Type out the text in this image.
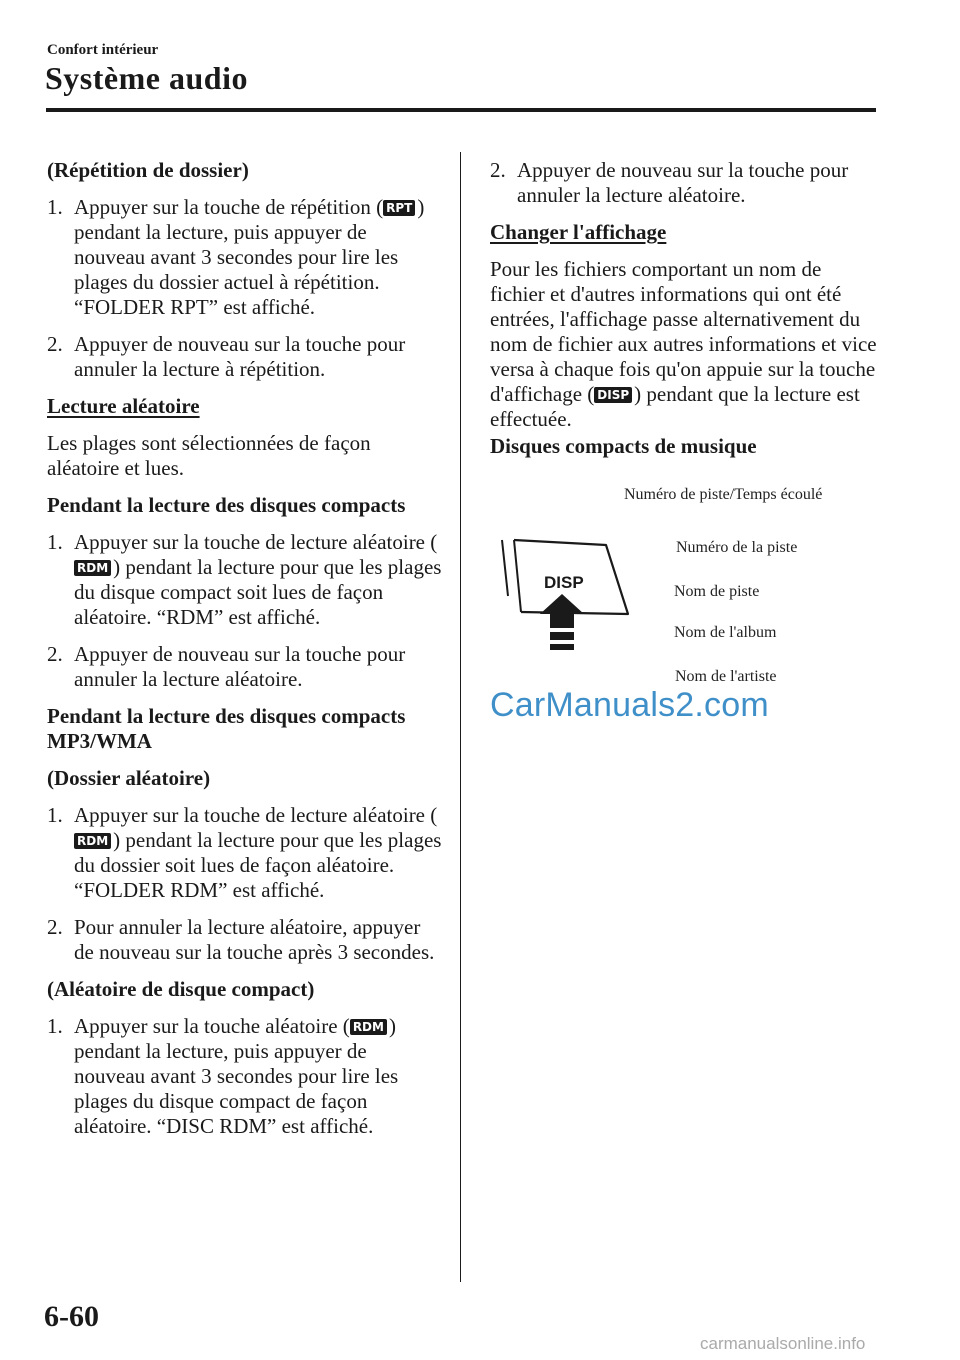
Confort intérieur
Système audio

(Répétition de dossier)

1. Appuyer sur la touche de répétition ( RPT ) pendant la lecture, puis appuyer de nouveau avant 3 secondes pour lire les plages du dossier actuel à répétition. “FOLDER RPT” est affiché.
2. Appuyer de nouveau sur la touche pour annuler la lecture à répétition.

Lecture aléatoire

Les plages sont sélectionnées de façon aléatoire et lues.

Pendant la lecture des disques compacts

1. Appuyer sur la touche de lecture aléatoire (RDM ) pendant la lecture pour que les plages du disque compact soit lues de façon aléatoire. “RDM” est affiché.
2. Appuyer de nouveau sur la touche pour annuler la lecture aléatoire.

Pendant la lecture des disques compacts MP3/WMA

(Dossier aléatoire)

1. Appuyer sur la touche de lecture aléatoire (RDM ) pendant la lecture pour que les plages du dossier soit lues de façon aléatoire. “FOLDER RDM” est affiché.
2. Pour annuler la lecture aléatoire, appuyer de nouveau sur la touche après 3 secondes.

(Aléatoire de disque compact)

1. Appuyer sur la touche aléatoire ( RDM ) pendant la lecture, puis appuyer de nouveau avant 3 secondes pour lire les plages du disque compact de façon aléatoire. “DISC RDM” est affiché.
2. Appuyer de nouveau sur la touche pour annuler la lecture aléatoire.

Changer l'affichage

Pour les fichiers comportant un nom de fichier et d'autres informations qui ont été entrées, l'affichage passe alternativement du nom de fichier aux autres informations et vice versa à chaque fois qu'on appuie sur la touche d'affichage ( DISP ) pendant que la lecture est effectuée.

Disques compacts de musique

DISP
Numéro de piste/Temps écoulé
Numéro de la piste
Nom de piste
Nom de l'album
Nom de l'artiste
CarManuals2.com
6-60
carmanualsonline.info
